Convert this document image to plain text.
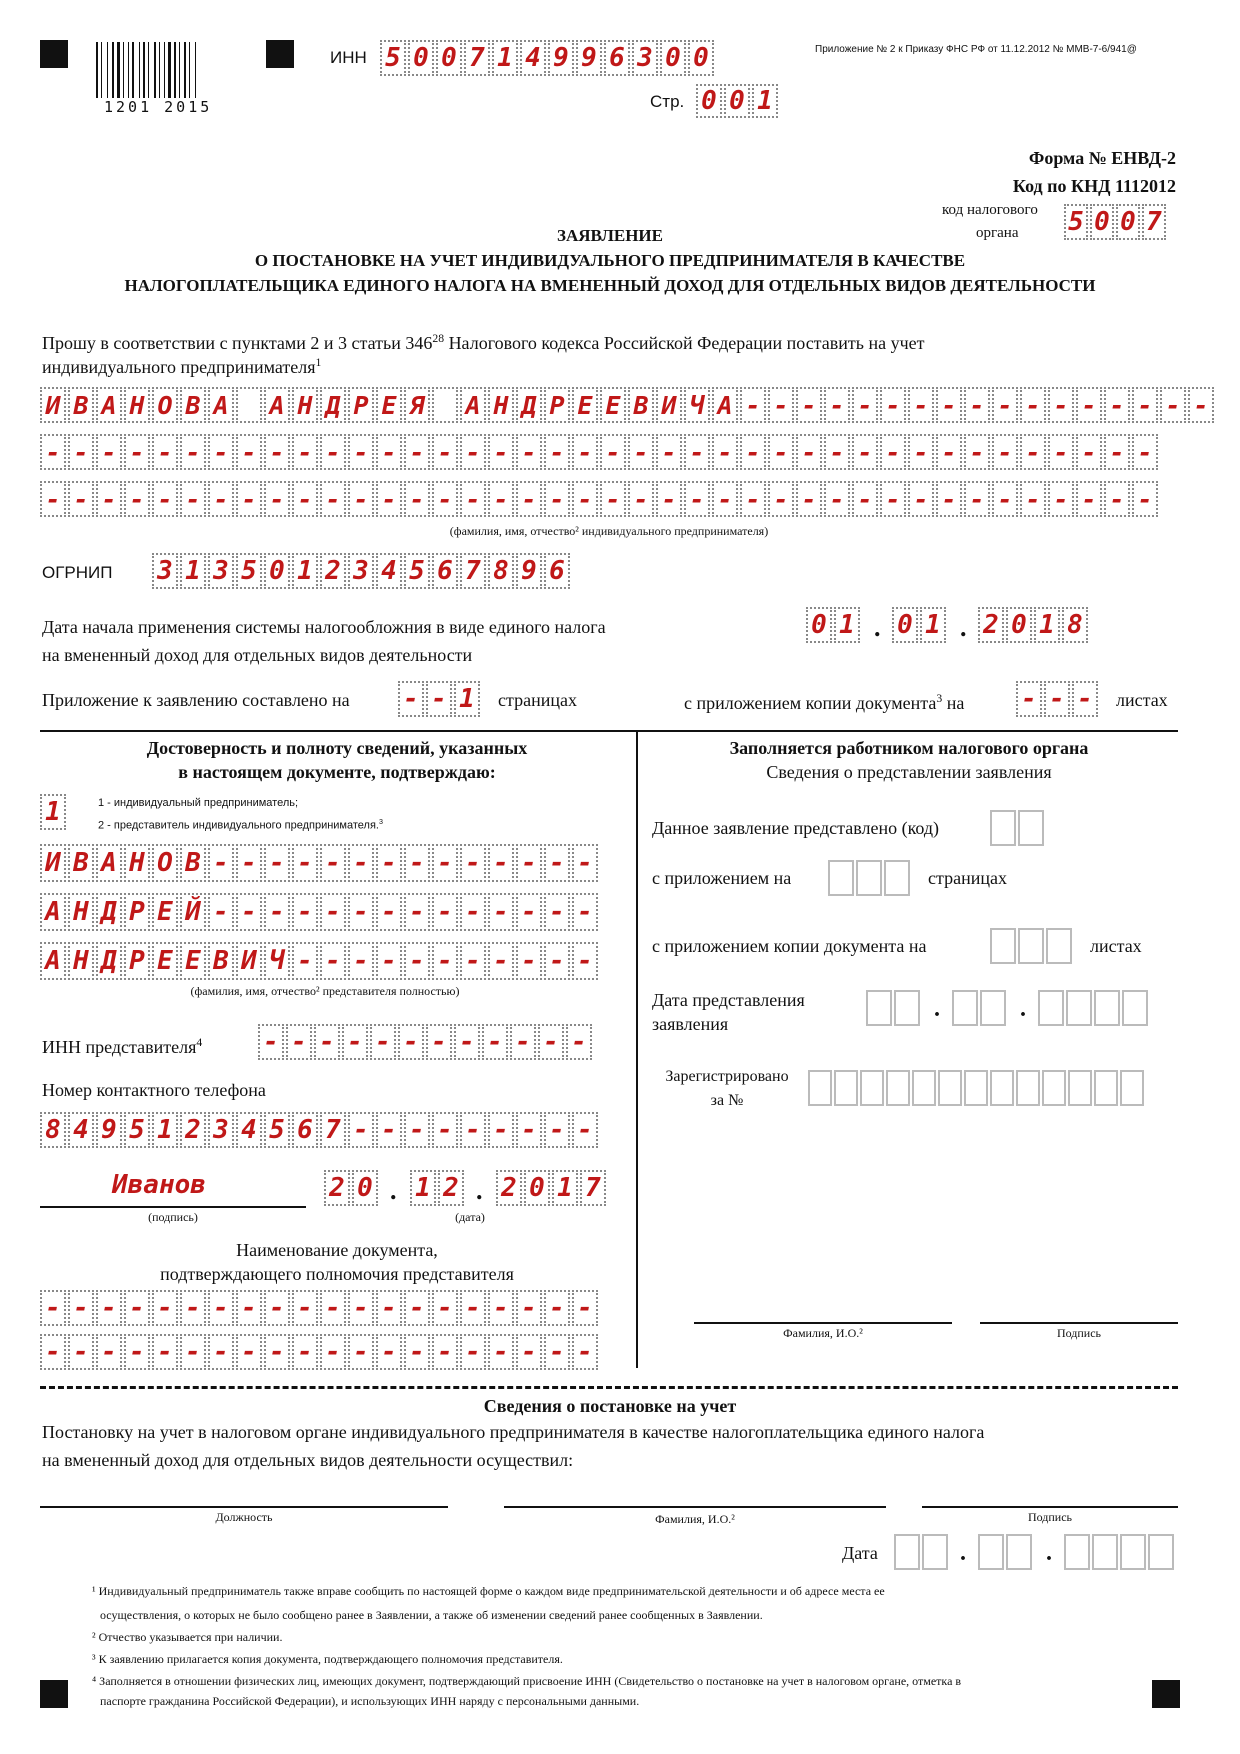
1201 2015
ИНН 5 0 0 7 1 4 9 9 6 3 0 0
Стр. 0 0 1
Приложение № 2 к Приказу ФНС РФ от 11.12.2012 № ММВ-7-6/941@
Форма № ЕНВД-2
Код по КНД 1112012
код налогового
органа 5 0 0 7
ЗАЯВЛЕНИЕ
О ПОСТАНОВКЕ НА УЧЕТ ИНДИВИДУАЛЬНОГО ПРЕДПРИНИМАТЕЛЯ В КАЧЕСТВЕ
НАЛОГОПЛАТЕЛЬЩИКА ЕДИНОГО НАЛОГА НА ВМЕНЕННЫЙ ДОХОД ДЛЯ ОТДЕЛЬНЫХ ВИДОВ ДЕЯТЕЛЬНОСТИ
Прошу в соответствии с пунктами 2 и 3 статьи $346^{28}$ Налогового кодекса Российской Федерации поставить на учет
индивидуального предпринимателя$^1$
И В А Н О В А
А Н Д Р Е Я
А Н Д Р Е Е В И Ч А - - - - - - - - - - - - - - - - -
- - - - - - - - - - - - - - - - - - - - - - - - - - - - - - - - - - - - - - - -
- - - - - - - - - - - - - - - - - - - - - - - - - - - - - - - - - - - - - - - -
(фамилия, имя, отчество² индивидуального предпринимателя)
ОГРНИП 3 1 3 5 0 1 2 3 4 5 6 7 8 9 6
Дата начала применения системы налогообложния в виде единого налога
на вмененный доход для отдельных видов деятельности
0 1 . 0 1 . 2 0 1 8
Приложение к заявлению составлено на - - 1 страницах	с приложением копии документа$^3$ на - - - листах
Достоверность и полноту сведений, указанных
в настоящем документе, подтверждаю:
1	1 - индивидуальный предприниматель;
2 - представитель индивидуального предпринимателя.$^3$
И В А Н О В - - - - - - - - - - - - - -
А Н Д Р Е Й - - - - - - - - - - - - - -
А Н Д Р Е Е В И Ч - - - - - - - - - - -
(фамилия, имя, отчество² представителя полностью)
ИНН представителя$^4$ - - - - - - - - - - - -
Номер контактного телефона
8 4 9 5 1 2 3 4 5 6 7 - - - - - - - - -
Иванов
(подпись)
2 0 . 1 2 . 2 0 1 7
(дата)
Наименование документа,
подтверждающего полномочия представителя
- - - - - - - - - - - - - - - - - - - -
- - - - - - - - - - - - - - - - - - - -
Заполняется работником налогового органа
Сведения о представлении заявления
Данное заявление представлено (код)
с приложением на	страницах
с приложением копии документа на	листах
Дата представления
заявления
.	.
Зарегистрировано
за №
Фамилия, И.О.²	Подпись
Сведения о постановке на учет
Постановку на учет в налоговом органе индивидуального предпринимателя в качестве налогоплательщика единого налога
на вмененный доход для отдельных видов деятельности осуществил:
Должность	Фамилия, И.О.²	Подпись
Дата	.	.
¹ Индивидуальный предприниматель также вправе сообщить по настоящей форме о каждом виде предпринимательской деятельности и об адресе места ее
осуществления, о которых не было сообщено ранее в Заявлении, а также об изменении сведений ранее сообщенных в Заявлении.
² Отчество указывается при наличии.
³ К заявлению прилагается копия документа, подтверждающего полномочия представителя.
⁴ Заполняется в отношении физических лиц, имеющих документ, подтверждающий присвоение ИНН (Свидетельство о постановке на учет в налоговом органе, отметка в
паспорте гражданина Российской Федерации), и использующих ИНН наряду с персональными данными.
